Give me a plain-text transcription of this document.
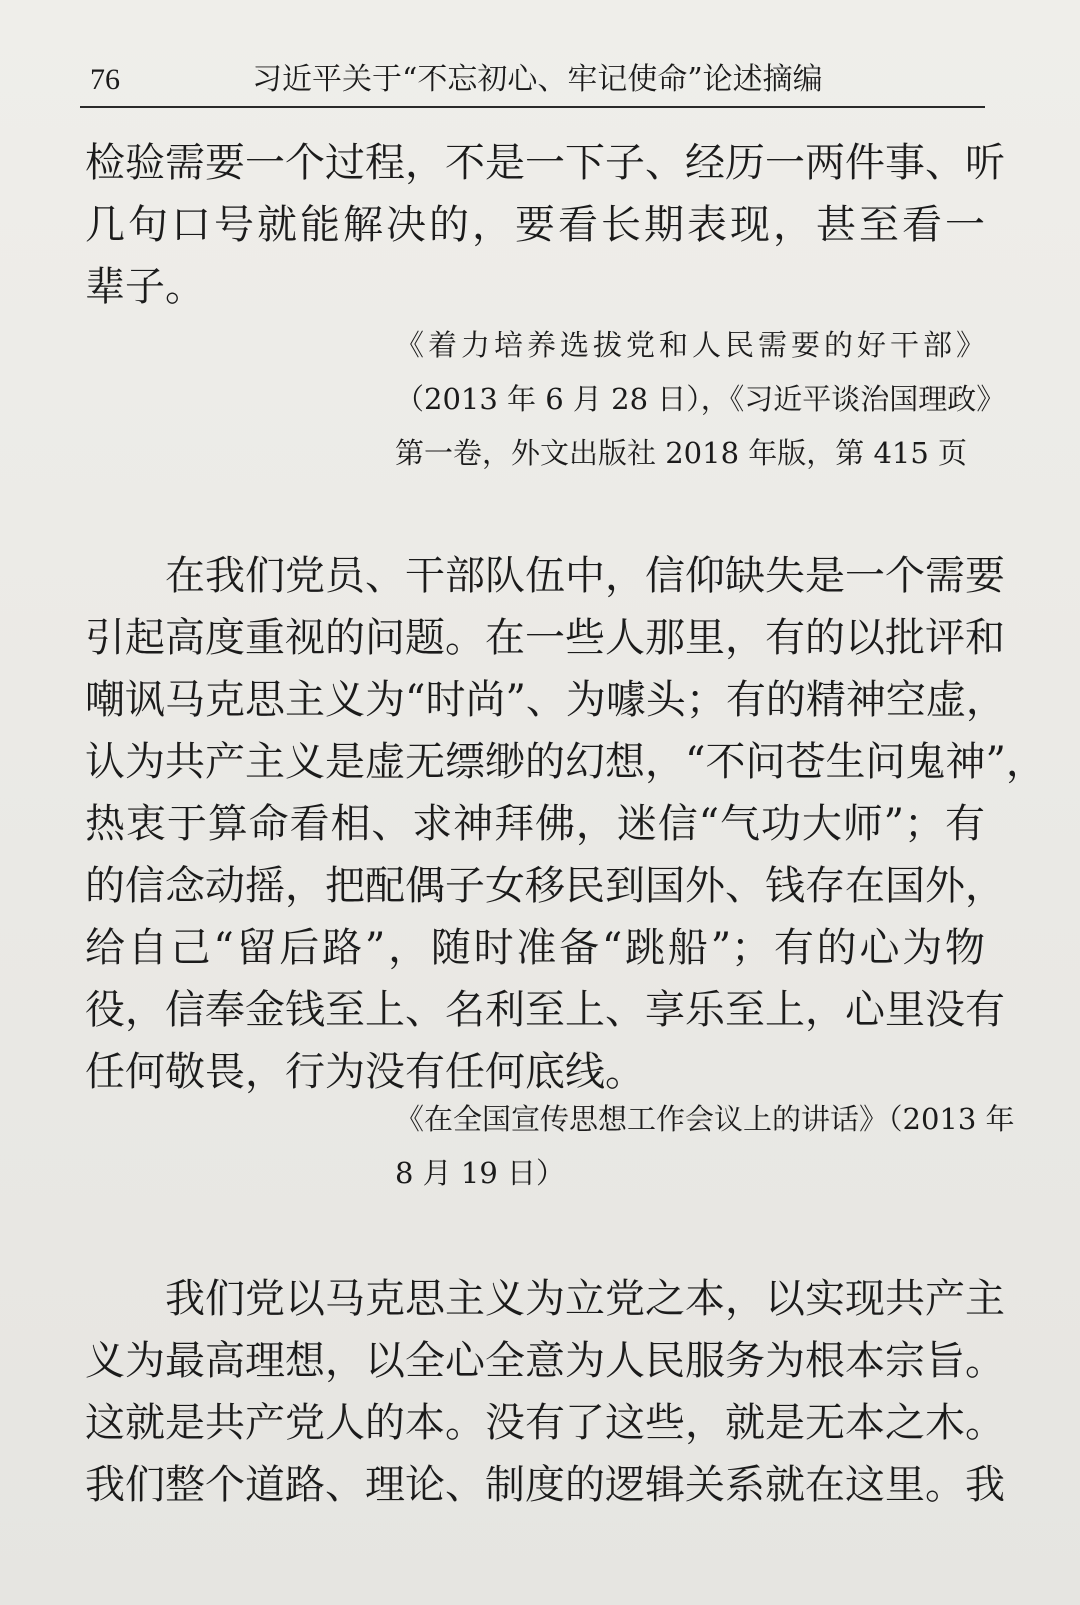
76	习近平关于“不忘初心、牢记使命”论述摘编

检验需要一个过程，不是一下子、经历一两件事、听
几句口号就能解决的，要看长期表现，甚至看一
辈子。

《着力培养选拔党和人民需要的好干部》
（2013 年 6 月 28 日），《习近平谈治国理政》
第一卷，外文出版社 2018 年版，第 415 页

在我们党员、干部队伍中，信仰缺失是一个需要
引起高度重视的问题。在一些人那里，有的以批评和
嘲讽马克思主义为“时尚”、为噱头；有的精神空虚，
认为共产主义是虚无缥缈的幻想，“不问苍生问鬼神”，
热衷于算命看相、求神拜佛，迷信“气功大师”；有
的信念动摇，把配偶子女移民到国外、钱存在国外，
给自己“留后路”，随时准备“跳船”；有的心为物
役，信奉金钱至上、名利至上、享乐至上，心里没有
任何敬畏，行为没有任何底线。

《在全国宣传思想工作会议上的讲话》（2013 年
8 月 19 日）

我们党以马克思主义为立党之本，以实现共产主
义为最高理想，以全心全意为人民服务为根本宗旨。
这就是共产党人的本。没有了这些，就是无本之木。
我们整个道路、理论、制度的逻辑关系就在这里。我
